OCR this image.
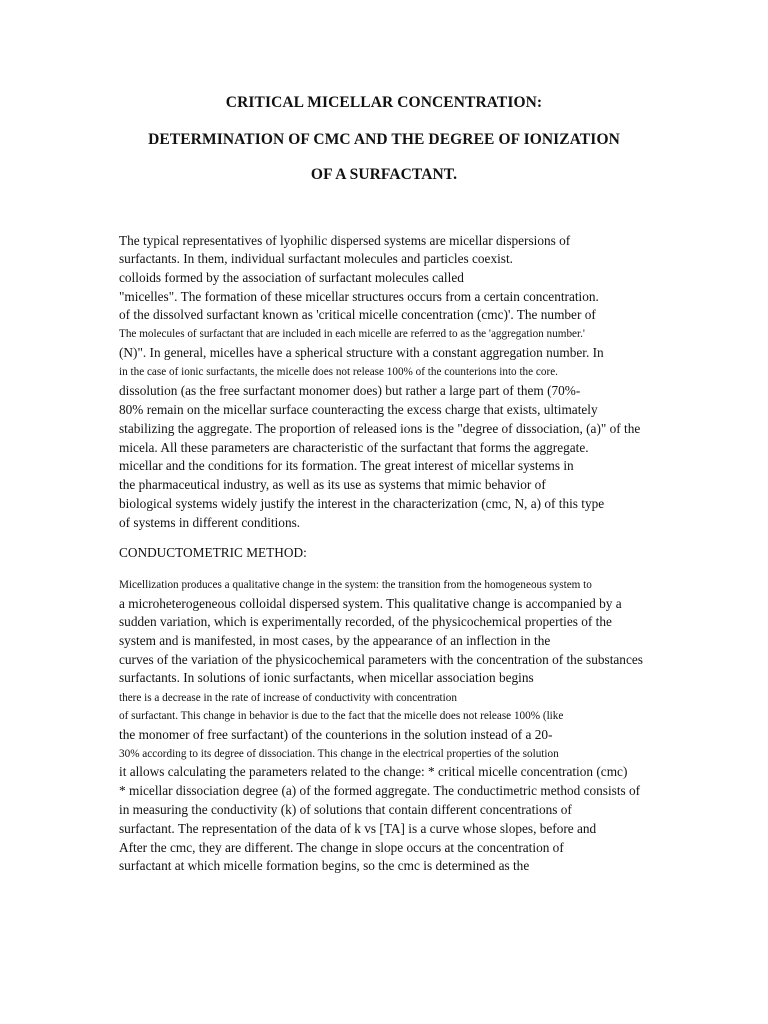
CRITICAL MICELLAR CONCENTRATION:
DETERMINATION OF CMC AND THE DEGREE OF IONIZATION
OF A SURFACTANT.
The typical representatives of lyophilic dispersed systems are micellar dispersions of
surfactants. In them, individual surfactant molecules and particles coexist.
colloids formed by the association of surfactant molecules called
"micelles". The formation of these micellar structures occurs from a certain concentration.
of the dissolved surfactant known as 'critical micelle concentration (cmc)'. The number of
The molecules of surfactant that are included in each micelle are referred to as the 'aggregation number.'
(N)". In general, micelles have a spherical structure with a constant aggregation number. In
in the case of ionic surfactants, the micelle does not release 100% of the counterions into the core.
dissolution (as the free surfactant monomer does) but rather a large part of them (70%-
80% remain on the micellar surface counteracting the excess charge that exists, ultimately
stabilizing the aggregate. The proportion of released ions is the "degree of dissociation, (a)" of the
micela. All these parameters are characteristic of the surfactant that forms the aggregate.
micellar and the conditions for its formation. The great interest of micellar systems in
the pharmaceutical industry, as well as its use as systems that mimic behavior of
biological systems widely justify the interest in the characterization (cmc, N, a) of this type
of systems in different conditions.
CONDUCTOMETRIC METHOD:
Micellization produces a qualitative change in the system: the transition from the homogeneous system to
a microheterogeneous colloidal dispersed system. This qualitative change is accompanied by a
sudden variation, which is experimentally recorded, of the physicochemical properties of the
system and is manifested, in most cases, by the appearance of an inflection in the
curves of the variation of the physicochemical parameters with the concentration of the substances
surfactants. In solutions of ionic surfactants, when micellar association begins
there is a decrease in the rate of increase of conductivity with concentration
of surfactant. This change in behavior is due to the fact that the micelle does not release 100% (like
the monomer of free surfactant) of the counterions in the solution instead of a 20-
30% according to its degree of dissociation. This change in the electrical properties of the solution
it allows calculating the parameters related to the change: * critical micelle concentration (cmc)
* micellar dissociation degree (a) of the formed aggregate. The conductimetric method consists of
in measuring the conductivity (k) of solutions that contain different concentrations of
surfactant. The representation of the data of k vs [TA] is a curve whose slopes, before and
After the cmc, they are different. The change in slope occurs at the concentration of
surfactant at which micelle formation begins, so the cmc is determined as the
